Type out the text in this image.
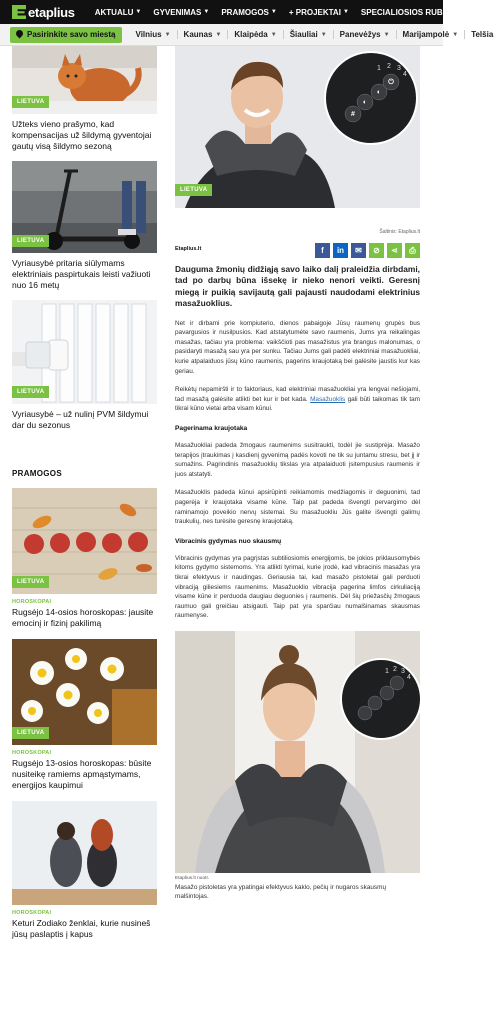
etaplius	AKTUALU ▼ GYVENIMAS ▼ PRAMOGOS ▼ + PROJEKTAI ▼ SPECIALIOSIOS RUBRIKOS
Pasirinkite savo miestą	Vilnius ▼ Kaunas ▼ Klaipėda ▼ Šiauliai ▼ Panevėžys ▼ Marijampolė ▼ Telšia
LIETUVA
Užteks vieno prašymo, kad kompensacijas už šildymą gyventojai gautų visą šildymo sezoną
LIETUVA
Vyriausybė pritaria siūlymams elektriniais paspirtukais leisti važiuoti nuo 16 metų
LIETUVA
Vyriausybė – už nulinį PVM šildymui dar du sezonus
PRAMOGOS
LIETUVA
HOROSKOPAI
Rugsėjo 14-osios horoskopas: jausite emocinį ir fizinį pakilimą
LIETUVA
HOROSKOPAI
Rugsėjo 13-osios horoskopas: būsite nusiteikę ramiems apmąstymams, energijos kaupimui
HOROSKOPAI
Keturi Zodiako ženklai, kurie nusineš jūsų paslaptis į kapus
#
◐
◐
⏻
1 2 3
4
LIETUVA
Šaltinis: Etaplius.lt
Etaplius.lt	f	in	✉	⊘	⋖	⎙

Dauguma žmonių didžiąją savo laiko dalį praleidžia dirbdami, tad po darbų būna išsekę ir nieko nenori veikti. Geresnį miegą ir puikią savijautą gali pajausti naudodami elektrinius masažuoklius.

Net ir dirbami prie kompiuterio, dienos pabaigoje Jūsų raumenų grupės bus pavargusios ir nusilpusios. Kad atstatytumėte savo raumenis, Jums yra reikalingas masažas, tačiau yra problema: vaikščioti pas masažistus yra brangus malonumas, o pasidaryti masažą sau yra per sunku. Tačiau Jums gali padėti elektriniai masažuokliai, kurie atpalaiduos jūsų kūno raumenis, pagerins kraujotaką bei galėsite jaustis kur kas geriau.

Reikėtų nepamiršti ir to faktoriaus, kad elektriniai masažuokliai yra lengvai nešiojami, tad masažą galėsite atlikti bet kur ir bet kada. Masažuoklis gali būti taikomas tik tam tikrai kūno vietai arba visam kūnui.

Pagerinama kraujotaka

Masažuokliai padeda žmogaus raumenims susitraukti, todėl jie sustiprėja. Masažo terapijos įtraukimas į kasdienį gyvenimą padės kovoti ne tik su juntamu stresu, bet jį ir sumažins. Pagrindinis masažuoklių tikslas yra atpalaiduoti įsitempusius raumenis ir juos atstatyti.

Masažuoklis padeda kūnui apsirūpinti reikiamomis medžiagomis ir deguonimi, tad pagerėja ir kraujotaka visame kūne. Taip pat padeda išvengti pervargimo dėl raminamojo poveikio nervų sistemai. Su masažuokliu Jūs galite išvengti galimų traukulių, nes turėsite geresnę kraujotaką.

Vibracinis gydymas nuo skausmų

Vibracinis gydymas yra pagrįstas subtiliosiomis energijomis, be jokios priklausomybės kitoms gydymo sistemoms. Yra atlikti tyrimai, kurie įrodė, kad vibracinis masažas yra tikrai efektyvus ir naudingas. Geriausia tai, kad masažo pistoletai gali perduoti vibraciją giliesiems raumenims. Masažuoklio vibracija pagerina limfos cirkuliaciją visame kūne ir perduoda daugiau deguonies į raumenis. Dėl šių priežasčių žmogaus raumuo gali greičiau atsigauti. Taip pat yra sparčiau numalšinamas skausmas raumenyse.

1 2 3
4
Etaplius.lt nuotr.
Masažo pistoletas yra ypatingai efektyvus kaklo, pečių ir nugaros skausmų malšintojas.
